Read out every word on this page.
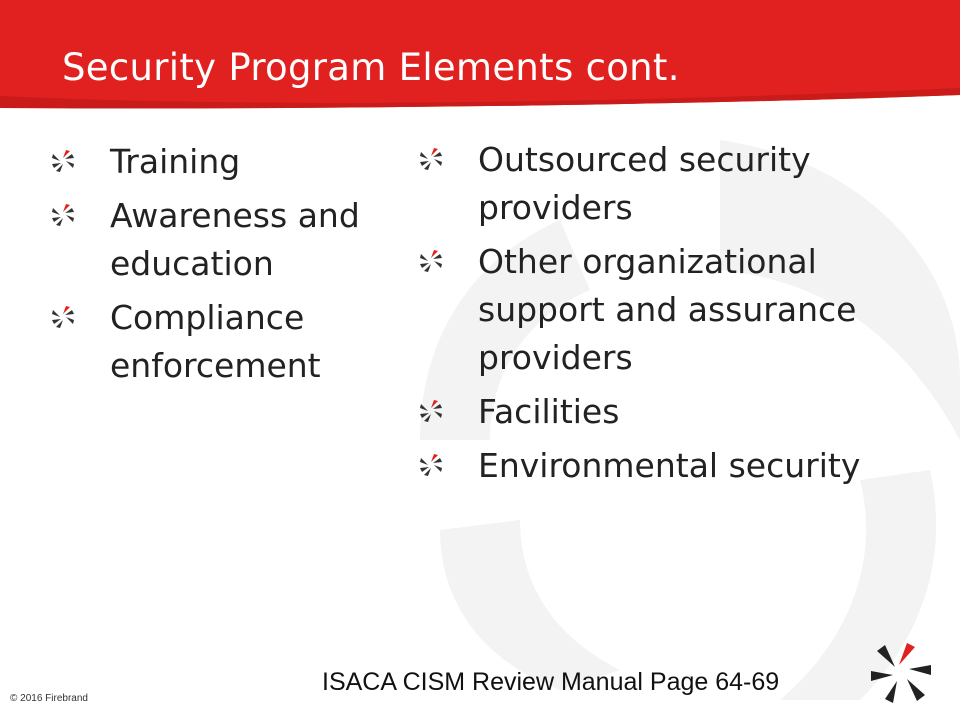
Security Program Elements cont.
Training
Awareness and education
Compliance enforcement
Outsourced security providers
Other organizational support and assurance providers
Facilities
Environmental security
© 2016 Firebrand
ISACA CISM Review Manual Page 64-69
